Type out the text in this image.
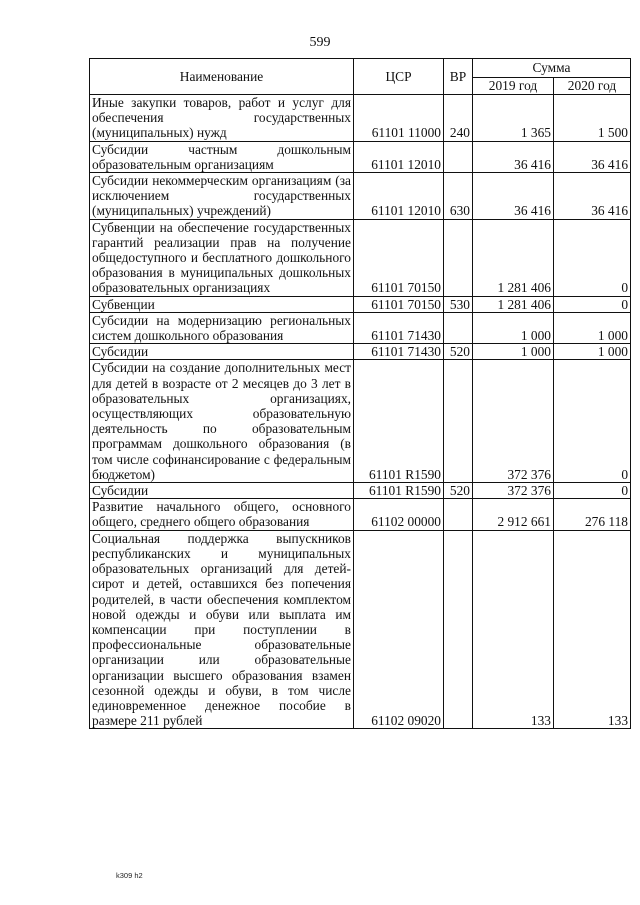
599
Наименование	ЦСР	ВР	Сумма	
			2019 год	2020 год
Иные закупки товаров, работ и услуг для обеспечения государственных (муниципальных) нужд	61101 11000	240	1 365	1 500
Субсидии частным дошкольным образовательным организациям	61101 12010		36 416	36 416
Субсидии некоммерческим организациям (за исключением государственных (муниципальных) учреждений)	61101 12010	630	36 416	36 416
Субвенции на обеспечение государственных гарантий реализации прав на получение общедоступного и бесплатного дошкольного образования в муниципальных дошкольных образовательных организациях	61101 70150		1 281 406	0
Субвенции	61101 70150	530	1 281 406	0
Субсидии на модернизацию региональных систем дошкольного образования	61101 71430		1 000	1 000
Субсидии	61101 71430	520	1 000	1 000
Субсидии на создание дополнительных мест для детей в возрасте от 2 месяцев до 3 лет в образовательных организациях, осуществляющих образовательную деятельность по образовательным программам дошкольного образования (в том числе софинансирование с федеральным бюджетом)	61101 R1590		372 376	0
Субсидии	61101 R1590	520	372 376	0
Развитие начального общего, основного общего, среднего общего образования	61102 00000		2 912 661	276 118
Социальная поддержка выпускников республиканских и муниципальных образовательных организаций для детей-сирот и детей, оставшихся без попечения родителей, в части обеспечения комплектом новой одежды и обуви или выплата им компенсации при поступлении в профессиональные образовательные организации или образовательные организации высшего образования взамен сезонной одежды и обуви, в том числе единовременное денежное пособие в размере 211 рублей	61102 09020		133	133
k309 h2
